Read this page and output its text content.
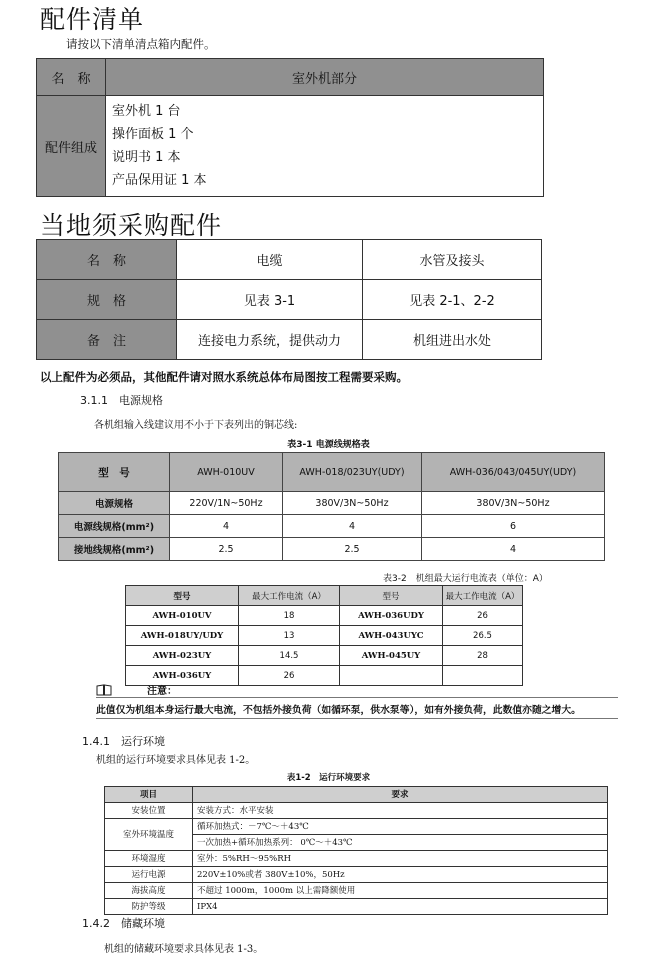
配件清单
请按以下清单清点箱内配件。
名　称	室外机部分
配件组成	室外机 1 台
操作面板 1 个
说明书 1 本
产品保用证 1 本
当地须采购配件
名　称	电缆	水管及接头
规　格	见表 3-1	见表 2-1、2-2
备　注	连接电力系统，提供动力	机组进出水处
以上配件为必须品，其他配件请对照水系统总体布局图按工程需要采购。
3.1.1　电源规格
各机组输入线建议用不小于下表列出的铜芯线:
表3-1 电源线规格表
型　号	AWH-010UV	AWH-018/023UY(UDY)	AWH-036/043/045UY(UDY)
电源规格	220V/1N~50Hz	380V/3N~50Hz	380V/3N~50Hz
电源线规格(mm²)	4	4	6
接地线规格(mm²)	2.5	2.5	4
表3-2　机组最大运行电流表（单位：A）
型号	最大工作电流（A）	型号	最大工作电流（A）
AWH-010UV	18	AWH-036UDY	26
AWH-018UY/UDY	13	AWH-043UYC	26.5
AWH-023UY	14.5	AWH-045UY	28
AWH-036UY	26		
注意：
此值仅为机组本身运行最大电流，不包括外接负荷（如循环泵，供水泵等），如有外接负荷，此数值亦随之增大。
1.4.1　运行环境
机组的运行环境要求具体见表 1-2。
表1-2　运行环境要求
项目	要求
安装位置	安装方式：水平安装
室外环境温度	循环加热式：－7℃～＋43℃
	一次加热+循环加热系列： 0℃～＋43℃
环境湿度	室外：5%RH～95%RH
运行电源	220V±10%或者 380V±10%，50Hz
海拔高度	不超过 1000m，1000m 以上需降额使用
防护等级	IPX4
1.4.2　储藏环境
机组的储藏环境要求具体见表 1-3。
